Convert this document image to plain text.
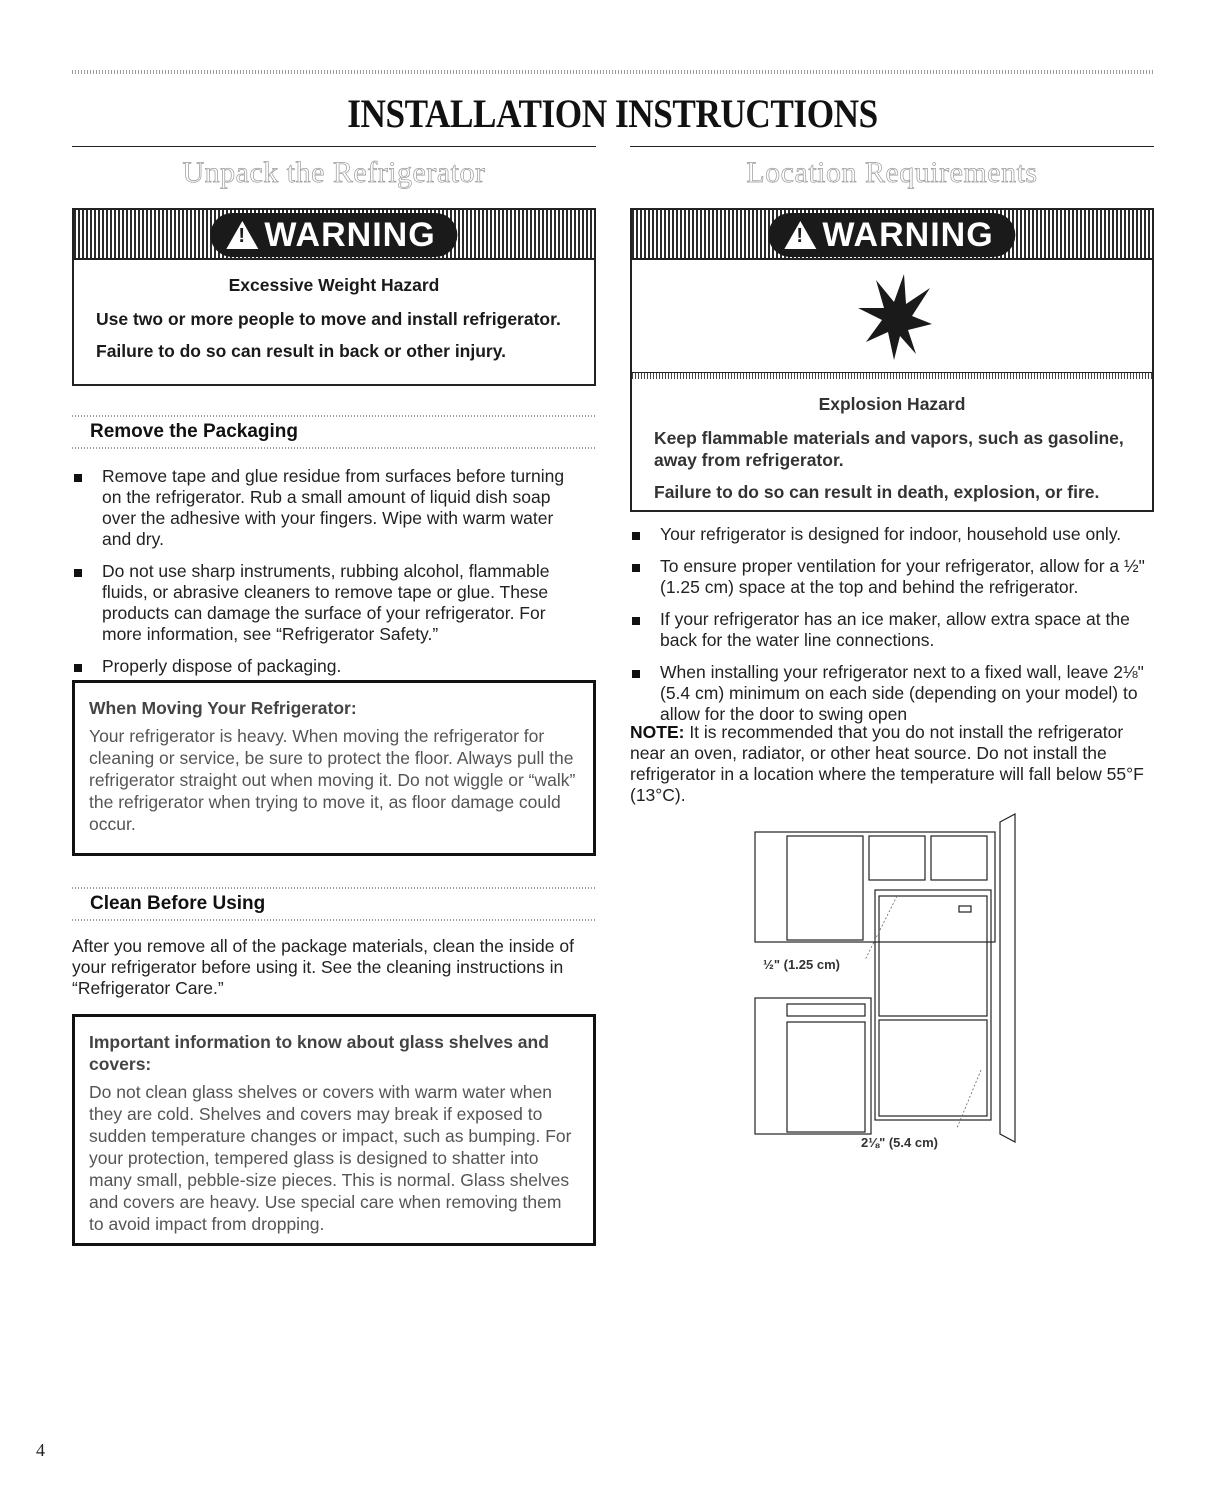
INSTALLATION INSTRUCTIONS
Unpack the Refrigerator	Location Requirements
!
WARNING
Excessive Weight Hazard

Use two or more people to move and install refrigerator.

Failure to do so can result in back or other injury.

Remove the Packaging
Remove tape and glue residue from surfaces before turning on the refrigerator. Rub a small amount of liquid dish soap over the adhesive with your fingers. Wipe with warm water and dry.
Do not use sharp instruments, rubbing alcohol, flammable fluids, or abrasive cleaners to remove tape or glue. These products can damage the surface of your refrigerator. For more information, see “Refrigerator Safety.”
Properly dispose of packaging.
When Moving Your Refrigerator:
Your refrigerator is heavy. When moving the refrigerator for cleaning or service, be sure to protect the floor. Always pull the refrigerator straight out when moving it. Do not wiggle or “walk” the refrigerator when trying to move it, as floor damage could occur.
Clean Before Using

After you remove all of the package materials, clean the inside of your refrigerator before using it. See the cleaning instructions in “Refrigerator Care.”

Important information to know about glass shelves and covers:
Do not clean glass shelves or covers with warm water when they are cold. Shelves and covers may break if exposed to sudden temperature changes or impact, such as bumping. For your protection, tempered glass is designed to shatter into many small, pebble-size pieces. This is normal. Glass shelves and covers are heavy. Use special care when removing them to avoid impact from dropping.
!
WARNING
Explosion Hazard

Keep flammable materials and vapors, such as gasoline, away from refrigerator.

Failure to do so can result in death, explosion, or fire.

Your refrigerator is designed for indoor, household use only.
To ensure proper ventilation for your refrigerator, allow for a ½" (1.25 cm) space at the top and behind the refrigerator.
If your refrigerator has an ice maker, allow extra space at the back for the water line connections.
When installing your refrigerator next to a fixed wall, leave 2⅛" (5.4 cm) minimum on each side (depending on your model) to allow for the door to swing open

NOTE: It is recommended that you do not install the refrigerator near an oven, radiator, or other heat source. Do not install the refrigerator in a location where the temperature will fall below 55°F (13°C).

½" (1.25 cm)
2⅛" (5.4 cm)
4
